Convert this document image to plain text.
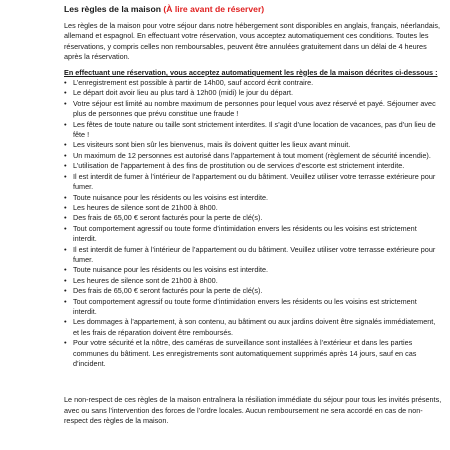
Les règles de la maison (À lire avant de réserver)

Les règles de la maison pour votre séjour dans notre hébergement sont disponibles en anglais, français, néerlandais, allemand et espagnol. En effectuant votre réservation, vous acceptez automatiquement ces conditions. Toutes les réservations, y compris celles non remboursables, peuvent être annulées gratuitement dans un délai de 4 heures après la réservation.

En effectuant une réservation, vous acceptez automatiquement les règles de la maison décrites ci-dessous :

• L’enregistrement est possible à partir de 14h00, sauf accord écrit contraire.
• Le départ doit avoir lieu au plus tard à 12h00 (midi) le jour du départ.
• Votre séjour est limité au nombre maximum de personnes pour lequel vous avez réservé et payé. Séjourner avec plus de personnes que prévu constitue une fraude !
• Les fêtes de toute nature ou taille sont strictement interdites. Il s’agit d’une location de vacances, pas d’un lieu de fête !
• Les visiteurs sont bien sûr les bienvenus, mais ils doivent quitter les lieux avant minuit.
• Un maximum de 12 personnes est autorisé dans l’appartement à tout moment (règlement de sécurité incendie).
• L’utilisation de l’appartement à des fins de prostitution ou de services d’escorte est strictement interdite.
• Il est interdit de fumer à l’intérieur de l’appartement ou du bâtiment. Veuillez utiliser votre terrasse extérieure pour fumer.
• Toute nuisance pour les résidents ou les voisins est interdite.
• Les heures de silence sont de 21h00 à 8h00.
• Des frais de 65,00 € seront facturés pour la perte de clé(s).
• Tout comportement agressif ou toute forme d’intimidation envers les résidents ou les voisins est strictement interdit.
• Il est interdit de fumer à l’intérieur de l’appartement ou du bâtiment. Veuillez utiliser votre terrasse extérieure pour fumer.
• Toute nuisance pour les résidents ou les voisins est interdite.
• Les heures de silence sont de 21h00 à 8h00.
• Des frais de 65,00 € seront facturés pour la perte de clé(s).
• Tout comportement agressif ou toute forme d’intimidation envers les résidents ou les voisins est strictement interdit.
• Les dommages à l’appartement, à son contenu, au bâtiment ou aux jardins doivent être signalés immédiatement, et les frais de réparation doivent être remboursés.
• Pour votre sécurité et la nôtre, des caméras de surveillance sont installées à l’extérieur et dans les parties communes du bâtiment. Les enregistrements sont automatiquement supprimés après 14 jours, sauf en cas d’incident.

Le non-respect de ces règles de la maison entraînera la résiliation immédiate du séjour pour tous les invités présents, avec ou sans l’intervention des forces de l’ordre locales. Aucun remboursement ne sera accordé en cas de non-respect des règles de la maison.
